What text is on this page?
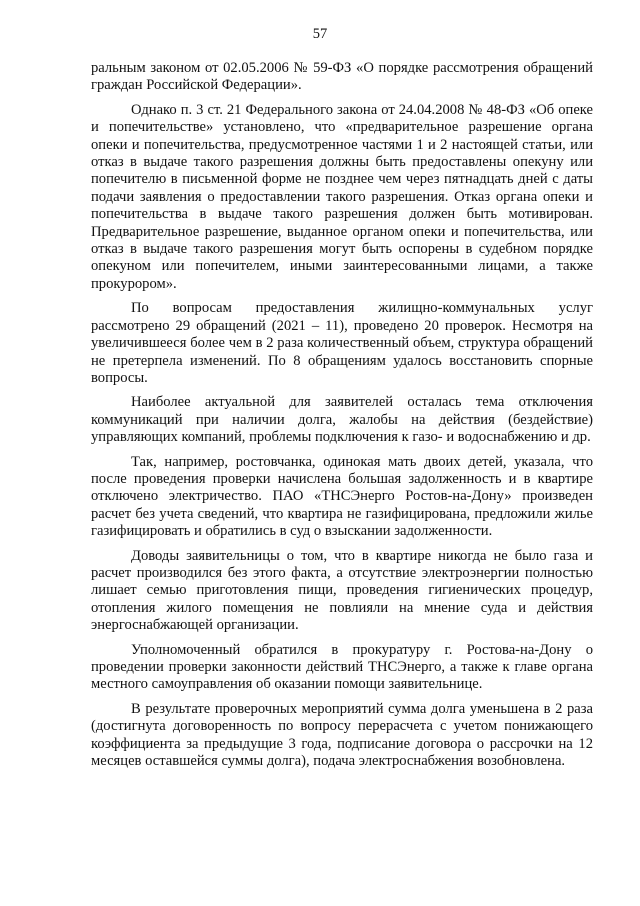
57

ральным законом от 02.05.2006 № 59-ФЗ «О порядке рассмотрения обращений граждан Российской Федерации».

Однако п. 3 ст. 21 Федерального закона от 24.04.2008 № 48-ФЗ «Об опеке и попечительстве» установлено, что «предварительное разрешение органа опеки и попечительства, предусмотренное частями 1 и 2 настоящей статьи, или отказ в выдаче такого разрешения должны быть предоставлены опекуну или попечителю в письменной форме не позднее чем через пятнадцать дней с даты подачи заявления о предоставлении такого разрешения. Отказ органа опеки и попечительства в выдаче такого разрешения должен быть мотивирован. Предварительное разрешение, выданное органом опеки и попечительства, или отказ в выдаче такого разрешения могут быть оспорены в судебном порядке опекуном или попечителем, иными заинтересованными лицами, а также прокурором».

По вопросам предоставления жилищно-коммунальных услуг рассмотрено 29 обращений (2021 – 11), проведено 20 проверок. Несмотря на увеличившееся более чем в 2 раза количественный объем, структура обращений не претерпела изменений. По 8 обращениям удалось восстановить спорные вопросы.

Наиболее актуальной для заявителей осталась тема отключения коммуникаций при наличии долга, жалобы на действия (бездействие) управляющих компаний, проблемы подключения к газо- и водоснабжению и др.

Так, например, ростовчанка, одинокая мать двоих детей, указала, что после проведения проверки начислена большая задолженность и в квартире отключено электричество. ПАО «ТНСЭнерго Ростов-на-Дону» произведен расчет без учета сведений, что квартира не газифицирована, предложили жилье газифицировать и обратились в суд о взыскании задолженности.

Доводы заявительницы о том, что в квартире никогда не было газа и расчет производился без этого факта, а отсутствие электроэнергии полностью лишает семью приготовления пищи, проведения гигиенических процедур, отопления жилого помещения не повлияли на мнение суда и действия энергоснабжающей организации.

Уполномоченный обратился в прокуратуру г. Ростова-на-Дону о проведении проверки законности действий ТНСЭнерго, а также к главе органа местного самоуправления об оказании помощи заявительнице.

В результате проверочных мероприятий сумма долга уменьшена в 2 раза (достигнута договоренность по вопросу перерасчета с учетом понижающего коэффициента за предыдущие 3 года, подписание договора о рассрочки на 12 месяцев оставшейся суммы долга), подача электроснабжения возобновлена.
